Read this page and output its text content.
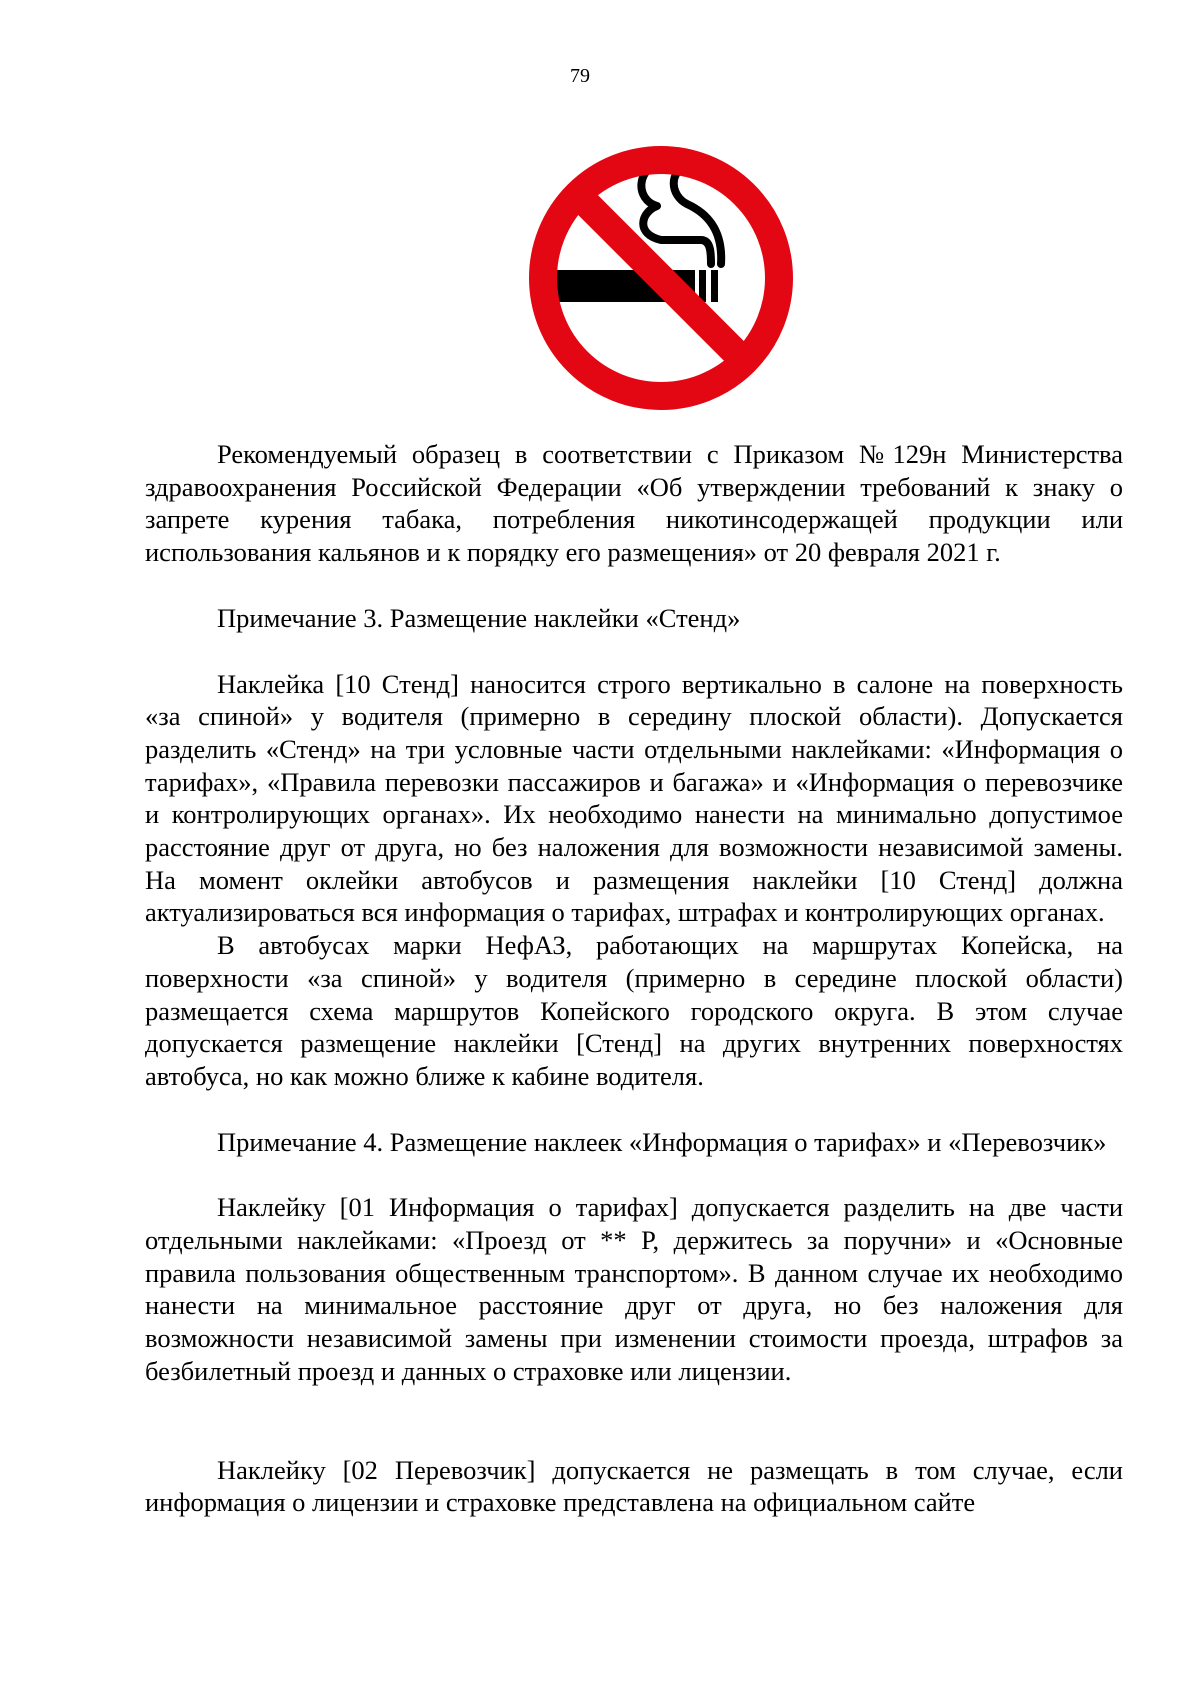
79

Рекомендуемый образец в соответствии с Приказом №129н Министерства здравоохранения Российской Федерации «Об утверждении требований к знаку о запрете курения табака, потребления никотинсодержащей продукции или использования кальянов и к порядку его размещения» от 20 февраля 2021 г.

Примечание 3. Размещение наклейки «Стенд»

Наклейка [10 Стенд] наносится строго вертикально в салоне на поверхность «за спиной» у водителя (примерно в середину плоской области). Допускается разделить «Стенд» на три условные части отдельными наклейками: «Информация о тарифах», «Правила перевозки пассажиров и багажа» и «Информация о перевозчике и контролирующих органах». Их необходимо нанести на минимально допустимое расстояние друг от друга, но без наложения для возможности независимой замены. На момент оклейки автобусов и размещения наклейки [10 Стенд] должна актуализироваться вся информация о тарифах, штрафах и контролирующих органах.

В автобусах марки НефАЗ, работающих на маршрутах Копейска, на поверхности «за спиной» у водителя (примерно в середине плоской области) размещается схема маршрутов Копейского городского округа. В этом случае допускается размещение наклейки [Стенд] на других внутренних поверхностях автобуса, но как можно ближе к кабине водителя.

Примечание 4. Размещение наклеек «Информация о тарифах» и «Перевозчик»

Наклейку [01 Информация о тарифах] допускается разделить на две части отдельными наклейками: «Проезд от ** Р, держитесь за поручни» и «Основные правила пользования общественным транспортом». В данном случае их необходимо нанести на минимальное расстояние друг от друга, но без наложения для возможности независимой замены при изменении стоимости проезда, штрафов за безбилетный проезд и данных о страховке или лицензии.

Наклейку [02 Перевозчик] допускается не размещать в том случае, если информация о лицензии и страховке представлена на официальном сайте
